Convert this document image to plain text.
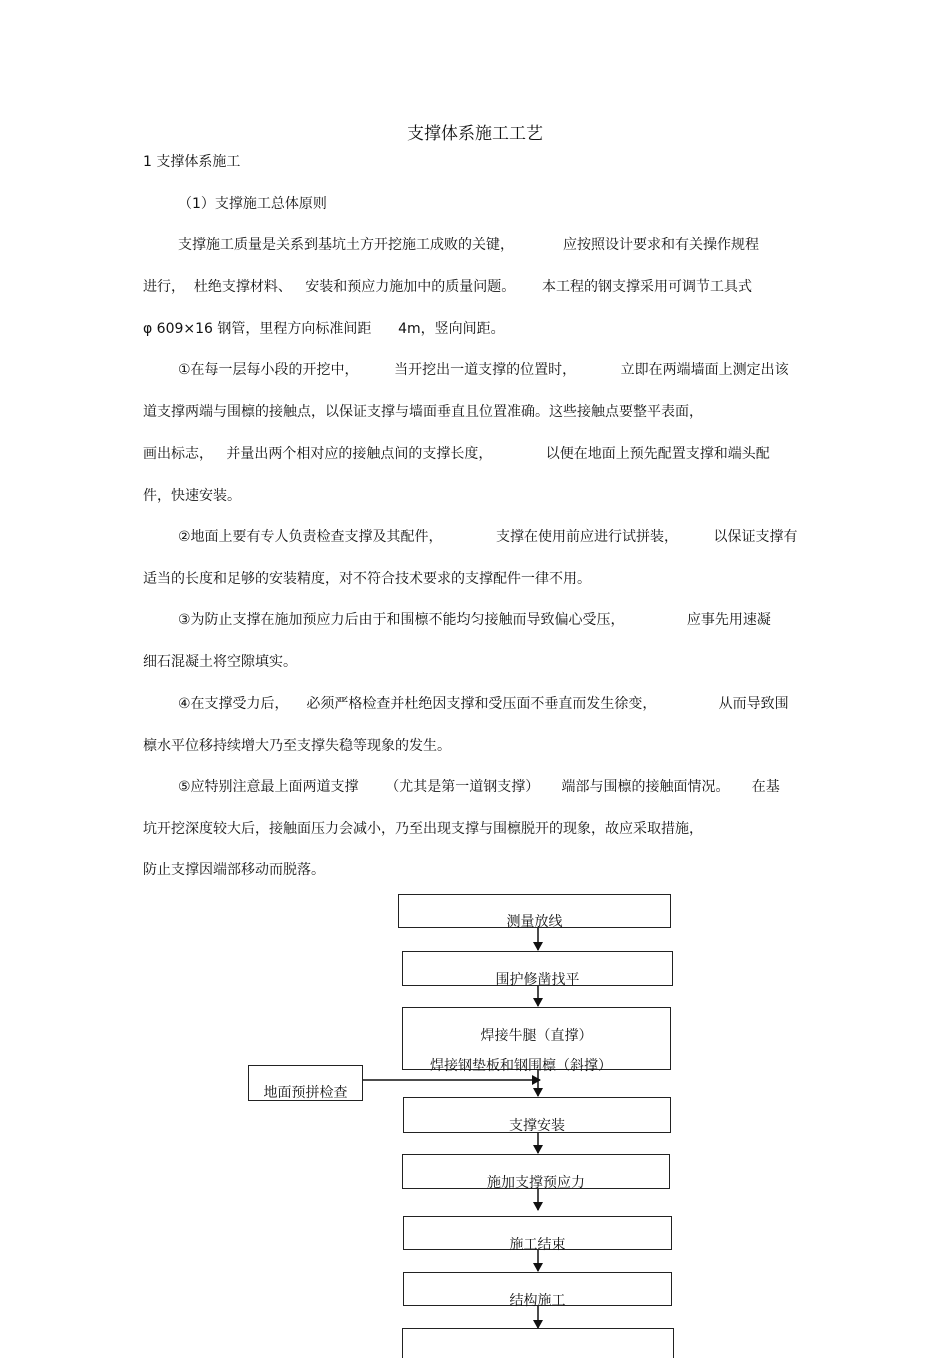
支撑体系施工工艺
1 支撑体系施工
（1）支撑施工总体原则
支撑施工质量是关系到基坑土方开挖施工成败的关键，           应按照设计要求和有关操作规程
进行，  杜绝支撑材料、   安装和预应力施加中的质量问题。      本工程的钢支撑采用可调节工具式
φ 609×16 钢管，里程方向标准间距      4m，竖向间距。
①在每一层每小段的开挖中，        当开挖出一道支撑的位置时，          立即在两端墙面上测定出该
道支撑两端与围檩的接触点，以保证支撑与墙面垂直且位置准确。这些接触点要整平表面，
画出标志，   并量出两个相对应的接触点间的支撑长度，            以便在地面上预先配置支撑和端头配
件，快速安装。
②地面上要有专人负责检查支撑及其配件，            支撑在使用前应进行试拼装，        以保证支撑有
适当的长度和足够的安装精度，对不符合技术要求的支撑配件一律不用。
③为防止支撑在施加预应力后由于和围檩不能均匀接触而导致偏心受压，              应事先用速凝
细石混凝土将空隙填实。
④在支撑受力后，    必须严格检查并杜绝因支撑和受压面不垂直而发生徐变，              从而导致围
檩水平位移持续增大乃至支撑失稳等现象的发生。
⑤应特别注意最上面两道支撑      （尤其是第一道钢支撑）     端部与围檩的接触面情况。     在基
坑开挖深度较大后，接触面压力会减小，乃至出现支撑与围檩脱开的现象，故应采取措施，
防止支撑因端部移动而脱落。
测量放线
围护修凿找平
焊接牛腿（直撑）
焊接钢垫板和钢围檩（斜撑）
地面预拼检查
支撑安装
施加支撑预应力
施工结束
结构施工
